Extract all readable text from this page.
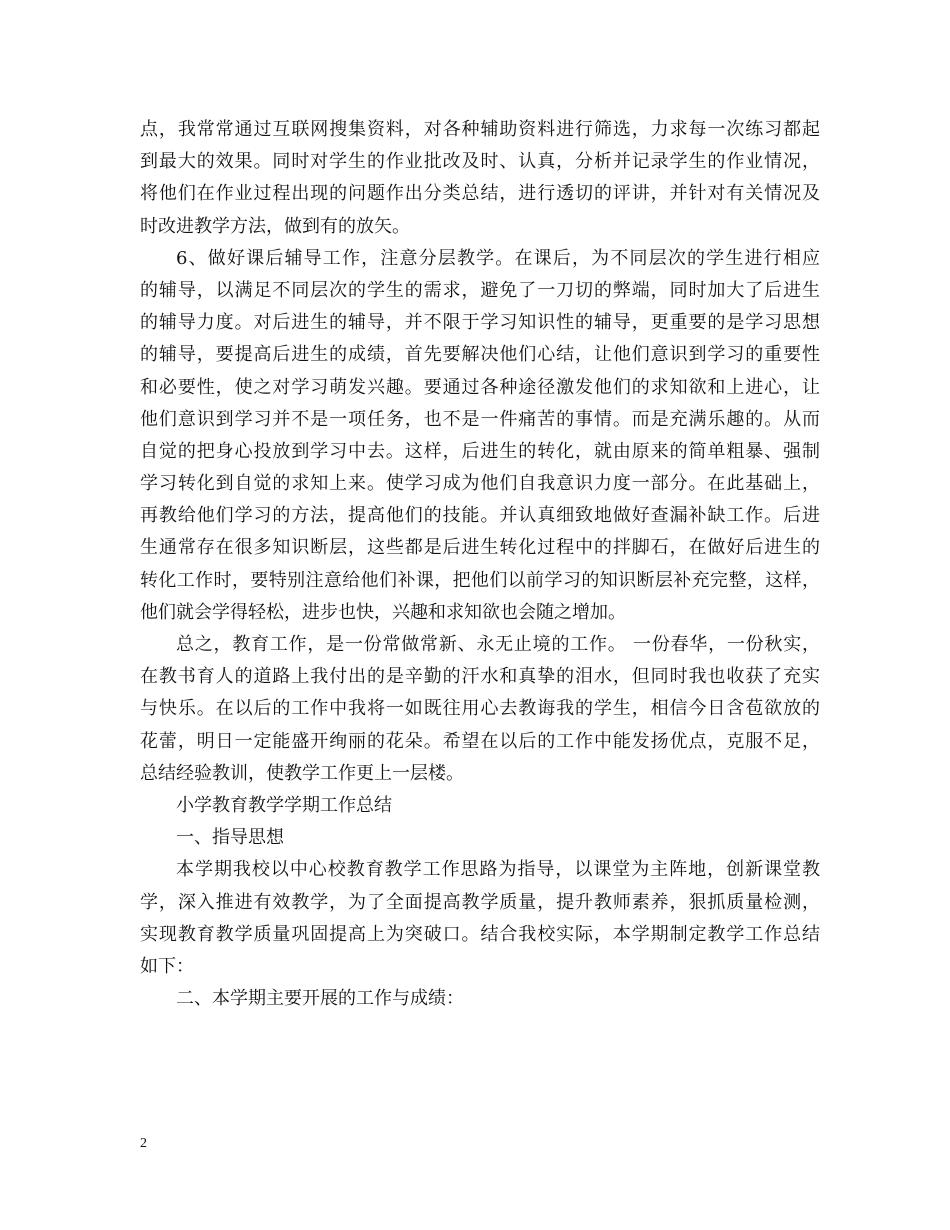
点，我常常通过互联网搜集资料，对各种辅助资料进行筛选，力求每一次练习都起
到最大的效果。同时对学生的作业批改及时、认真，分析并记录学生的作业情况，
将他们在作业过程出现的问题作出分类总结，进行透切的评讲，并针对有关情况及
时改进教学方法，做到有的放矢。
6、做好课后辅导工作，注意分层教学。在课后，为不同层次的学生进行相应
的辅导，以满足不同层次的学生的需求，避免了一刀切的弊端，同时加大了后进生
的辅导力度。对后进生的辅导，并不限于学习知识性的辅导，更重要的是学习思想
的辅导，要提高后进生的成绩，首先要解决他们心结，让他们意识到学习的重要性
和必要性，使之对学习萌发兴趣。要通过各种途径激发他们的求知欲和上进心，让
他们意识到学习并不是一项任务，也不是一件痛苦的事情。而是充满乐趣的。从而
自觉的把身心投放到学习中去。这样，后进生的转化，就由原来的简单粗暴、强制
学习转化到自觉的求知上来。使学习成为他们自我意识力度一部分。在此基础上，
再教给他们学习的方法，提高他们的技能。并认真细致地做好查漏补缺工作。后进
生通常存在很多知识断层，这些都是后进生转化过程中的拌脚石，在做好后进生的
转化工作时，要特别注意给他们补课，把他们以前学习的知识断层补充完整，这样，
他们就会学得轻松，进步也快，兴趣和求知欲也会随之增加。
总之，教育工作，是一份常做常新、永无止境的工作。 一份春华，一份秋实，
在教书育人的道路上我付出的是辛勤的汗水和真挚的泪水，但同时我也收获了充实
与快乐。在以后的工作中我将一如既往用心去教诲我的学生，相信今日含苞欲放的
花蕾，明日一定能盛开绚丽的花朵。希望在以后的工作中能发扬优点，克服不足，
总结经验教训，使教学工作更上一层楼。
小学教育教学学期工作总结
一、指导思想
本学期我校以中心校教育教学工作思路为指导，以课堂为主阵地，创新课堂教
学，深入推进有效教学，为了全面提高教学质量，提升教师素养，狠抓质量检测，
实现教育教学质量巩固提高上为突破口。结合我校实际，本学期制定教学工作总结
如下：
二、本学期主要开展的工作与成绩：
2
